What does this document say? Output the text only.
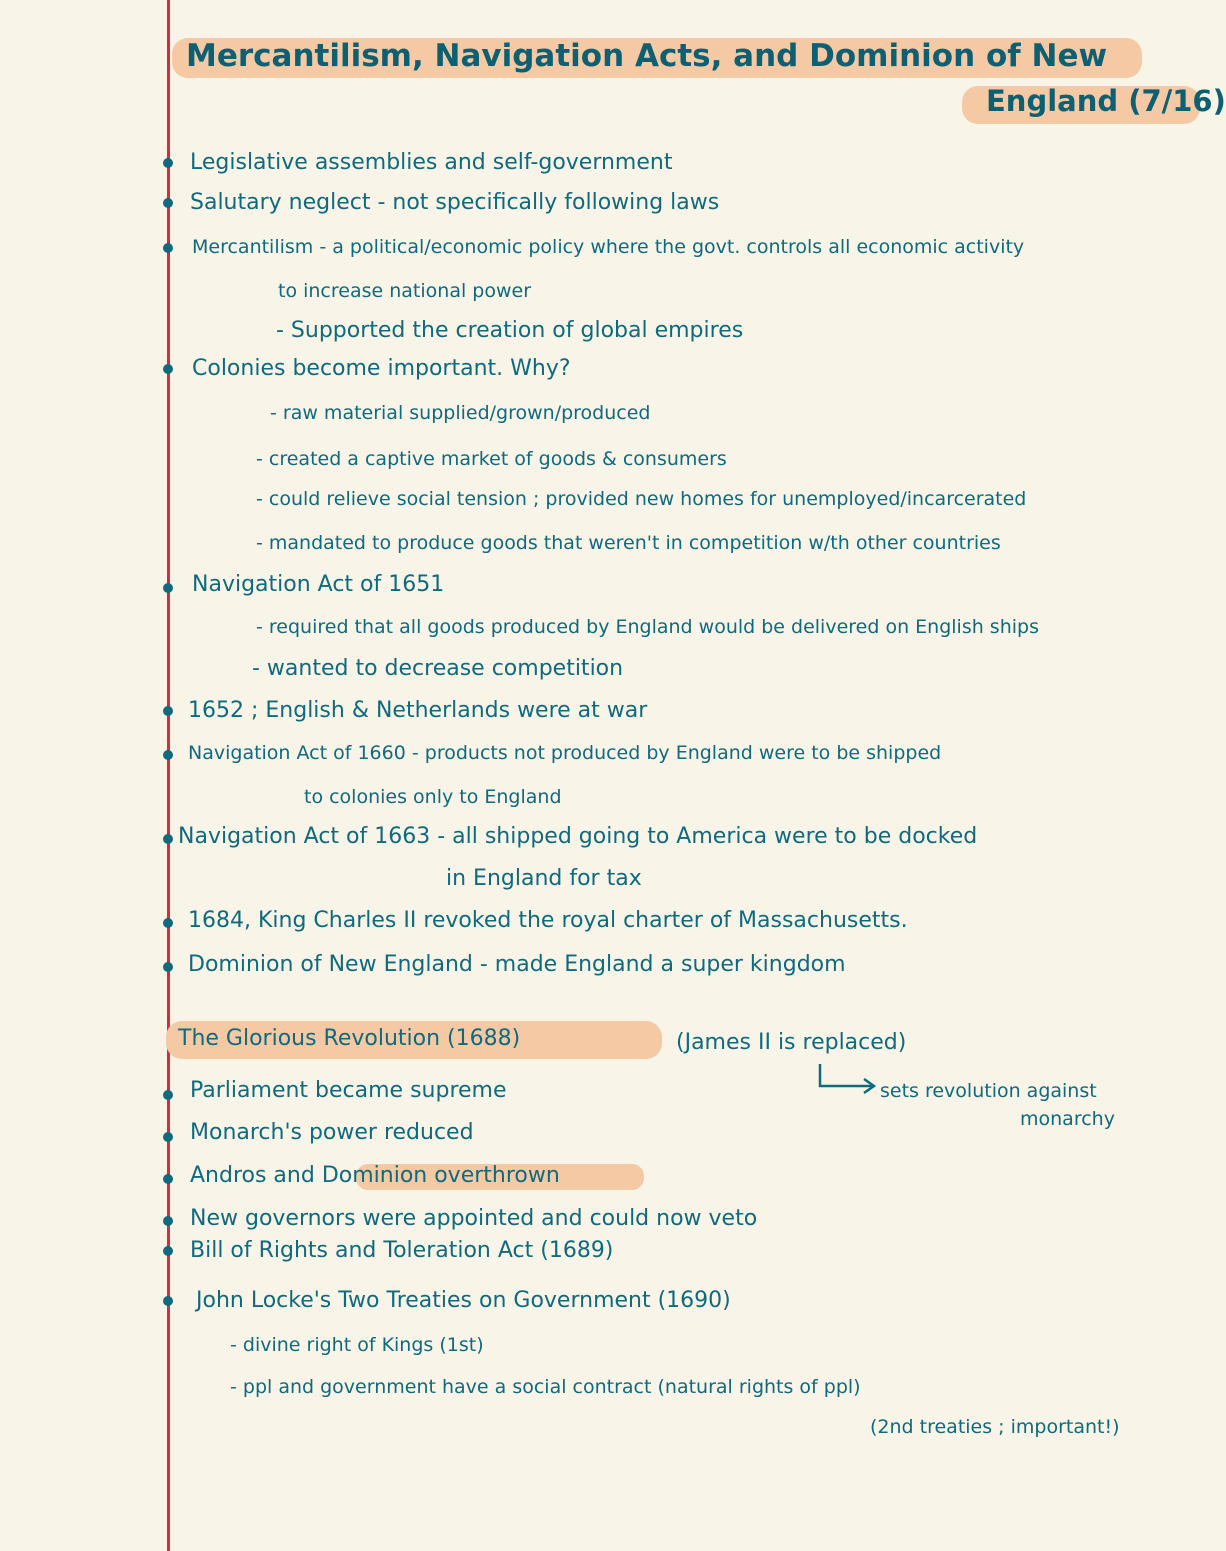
Mercantilism, Navigation Acts, and Dominion of New
England (7/16)
Legislative assemblies and self-government
Salutary neglect - not specifically following laws
Mercantilism - a political/economic policy where the govt. controls all economic activity
to increase national power
- Supported the creation of global empires
Colonies become important. Why?
- raw material supplied/grown/produced
- created a captive market of goods & consumers
- could relieve social tension ; provided new homes for unemployed/incarcerated
- mandated to produce goods that weren't in competition w/th other countries
Navigation Act of 1651
- required that all goods produced by England would be delivered on English ships
- wanted to decrease competition
1652 ; English & Netherlands were at war
Navigation Act of 1660 - products not produced by England were to be shipped
to colonies only to England
Navigation Act of 1663 - all shipped going to America were to be docked
in England for tax
1684, King Charles II revoked the royal charter of Massachusetts.
Dominion of New England - made England a super kingdom
The Glorious Revolution (1688)	(James II is replaced)
sets revolution against
monarchy
Parliament became supreme
Monarch's power reduced
Andros and Dominion overthrown
New governors were appointed and could now veto
Bill of Rights and Toleration Act (1689)
John Locke's Two Treaties on Government (1690)
- divine right of Kings (1st)
- ppl and government have a social contract (natural rights of ppl)
(2nd treaties ; important!)
